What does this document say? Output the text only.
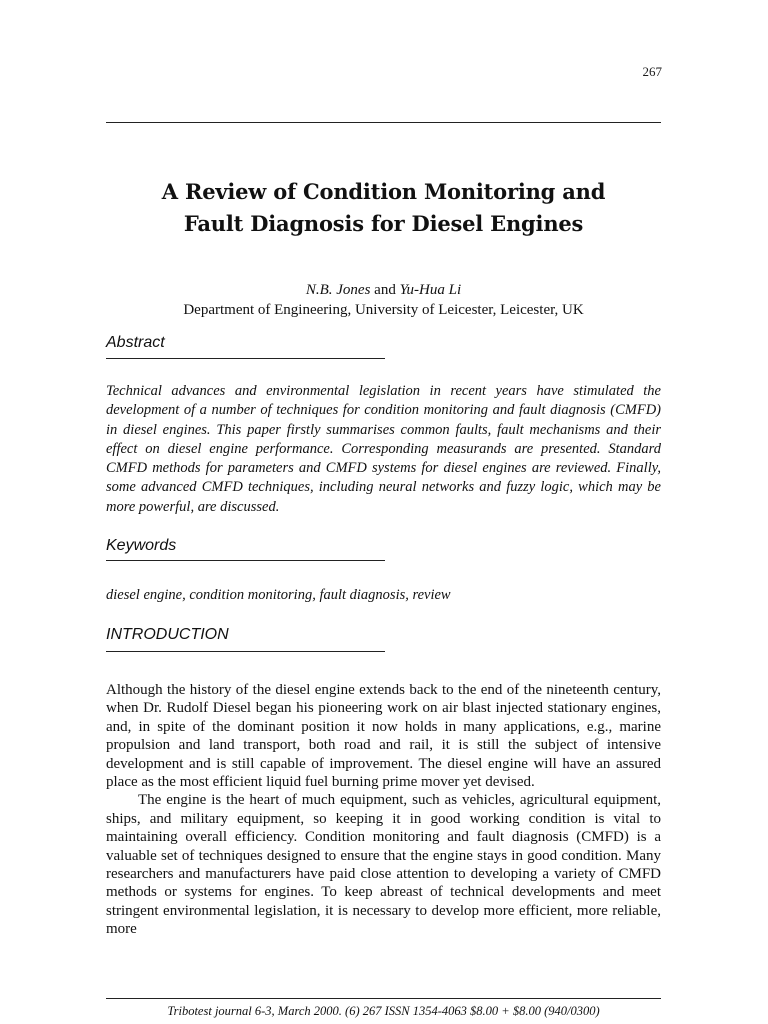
267
A Review of Condition Monitoring and
Fault Diagnosis for Diesel Engines
N.B. Jones and Yu-Hua Li
Department of Engineering, University of Leicester, Leicester, UK
Abstract

Technical advances and environmental legislation in recent years have stimulated the development of a number of techniques for condition monitoring and fault diagnosis (CMFD) in diesel engines. This paper firstly summarises common faults, fault mechanisms and their effect on diesel engine performance. Corresponding measurands are presented. Standard CMFD methods for parameters and CMFD systems for diesel engines are reviewed. Finally, some advanced CMFD techniques, including neural networks and fuzzy logic, which may be more powerful, are discussed.

Keywords

diesel engine, condition monitoring, fault diagnosis, review

INTRODUCTION

Although the history of the diesel engine extends back to the end of the nineteenth century, when Dr. Rudolf Diesel began his pioneering work on air blast injected stationary engines, and, in spite of the dominant position it now holds in many applications, e.g., marine propulsion and land transport, both road and rail, it is still the subject of intensive development and is still capable of improvement. The diesel engine will have an assured place as the most efficient liquid fuel burning prime mover yet devised.

The engine is the heart of much equipment, such as vehicles, agricultural equipment, ships, and military equipment, so keeping it in good working condition is vital to maintaining overall efficiency. Condition monitoring and fault diagnosis (CMFD) is a valuable set of techniques designed to ensure that the engine stays in good condition. Many researchers and manufacturers have paid close attention to developing a variety of CMFD methods or systems for engines. To keep abreast of technical developments and meet stringent environmental legislation, it is necessary to develop more efficient, more reliable, more

Tribotest journal 6-3, March 2000. (6) 267 ISSN 1354-4063 $8.00 + $8.00 (940/0300)
